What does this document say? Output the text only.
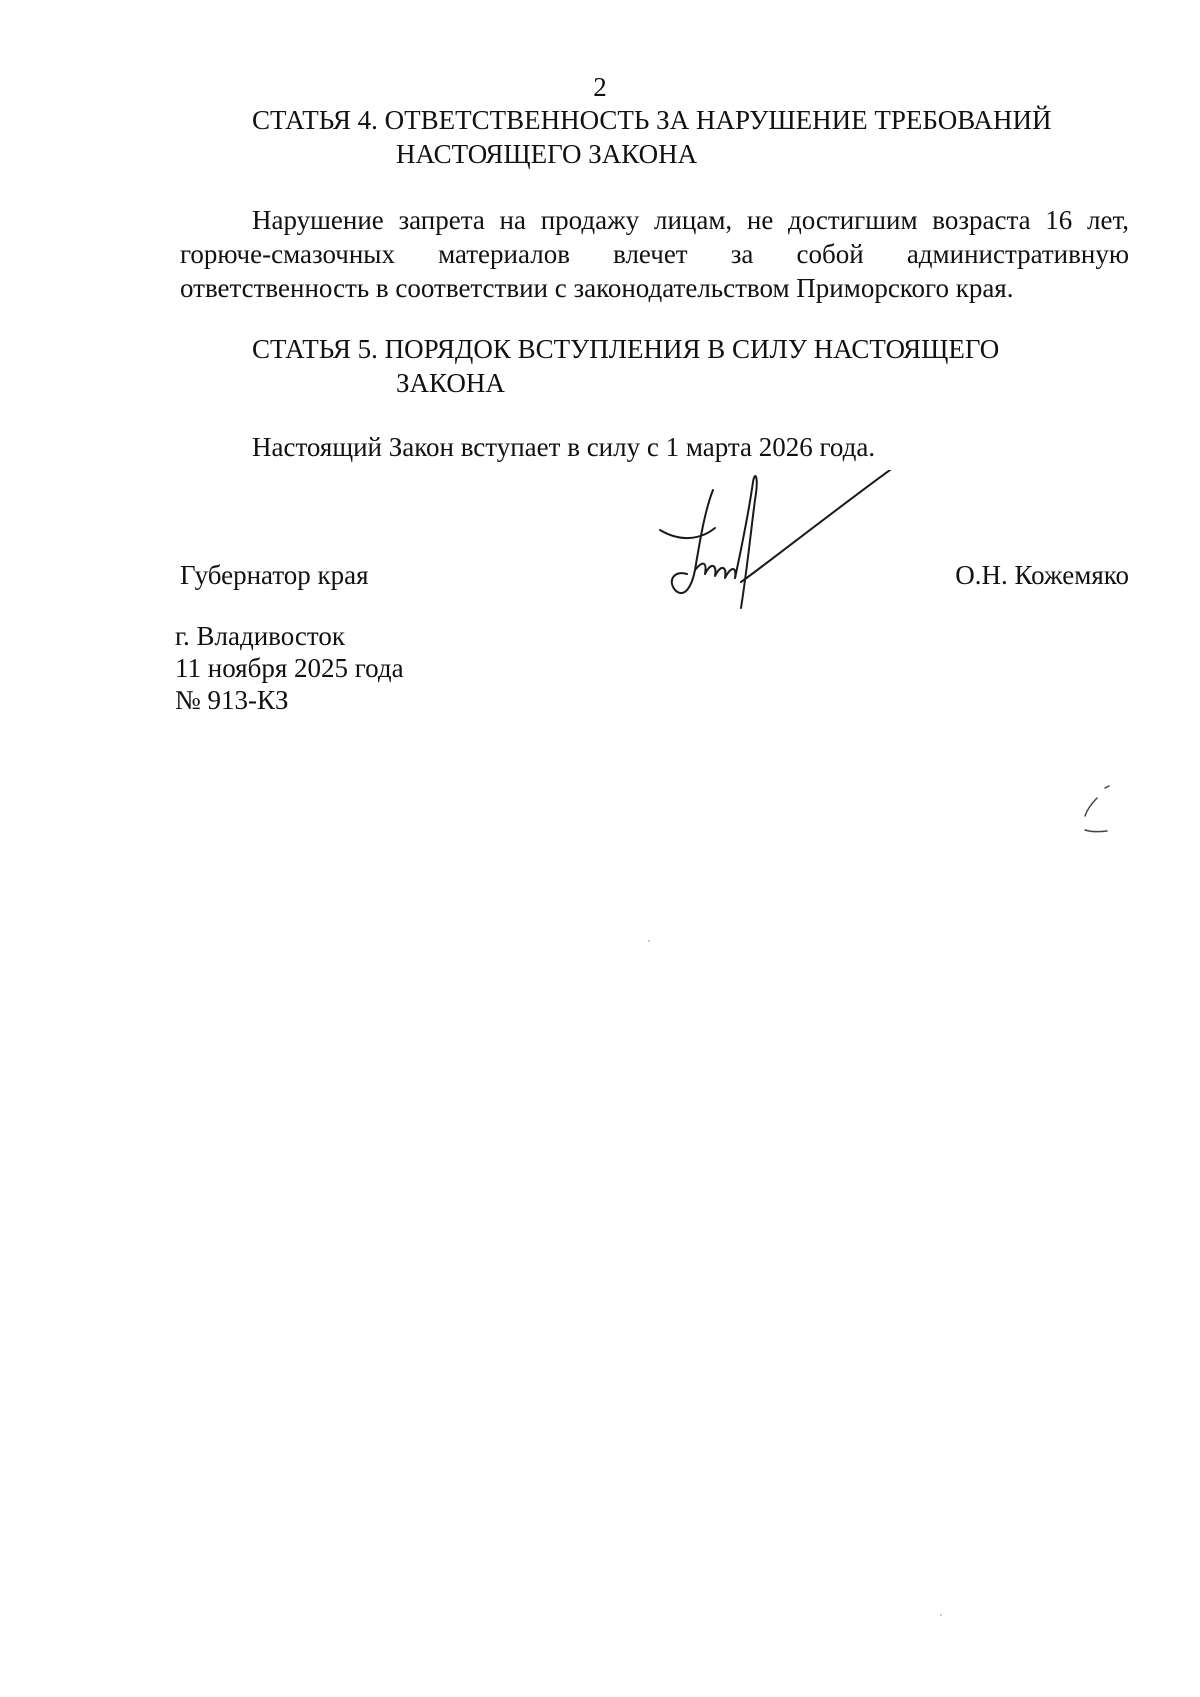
2
СТАТЬЯ 4. ОТВЕТСТВЕННОСТЬ ЗА НАРУШЕНИЕ ТРЕБОВАНИЙ
НАСТОЯЩЕГО ЗАКОНА
Нарушение запрета на продажу лицам, не достигшим возраста 16 лет, горюче-смазочных материалов влечет за собой административную ответственность в соответствии с законодательством Приморского края.
СТАТЬЯ 5. ПОРЯДОК ВСТУПЛЕНИЯ В СИЛУ НАСТОЯЩЕГО
ЗАКОНА
Настоящий Закон вступает в силу с 1 марта 2026 года.
Губернатор края	О.Н. Кожемяко
г. Владивосток
11 ноября 2025 года
№ 913-КЗ
